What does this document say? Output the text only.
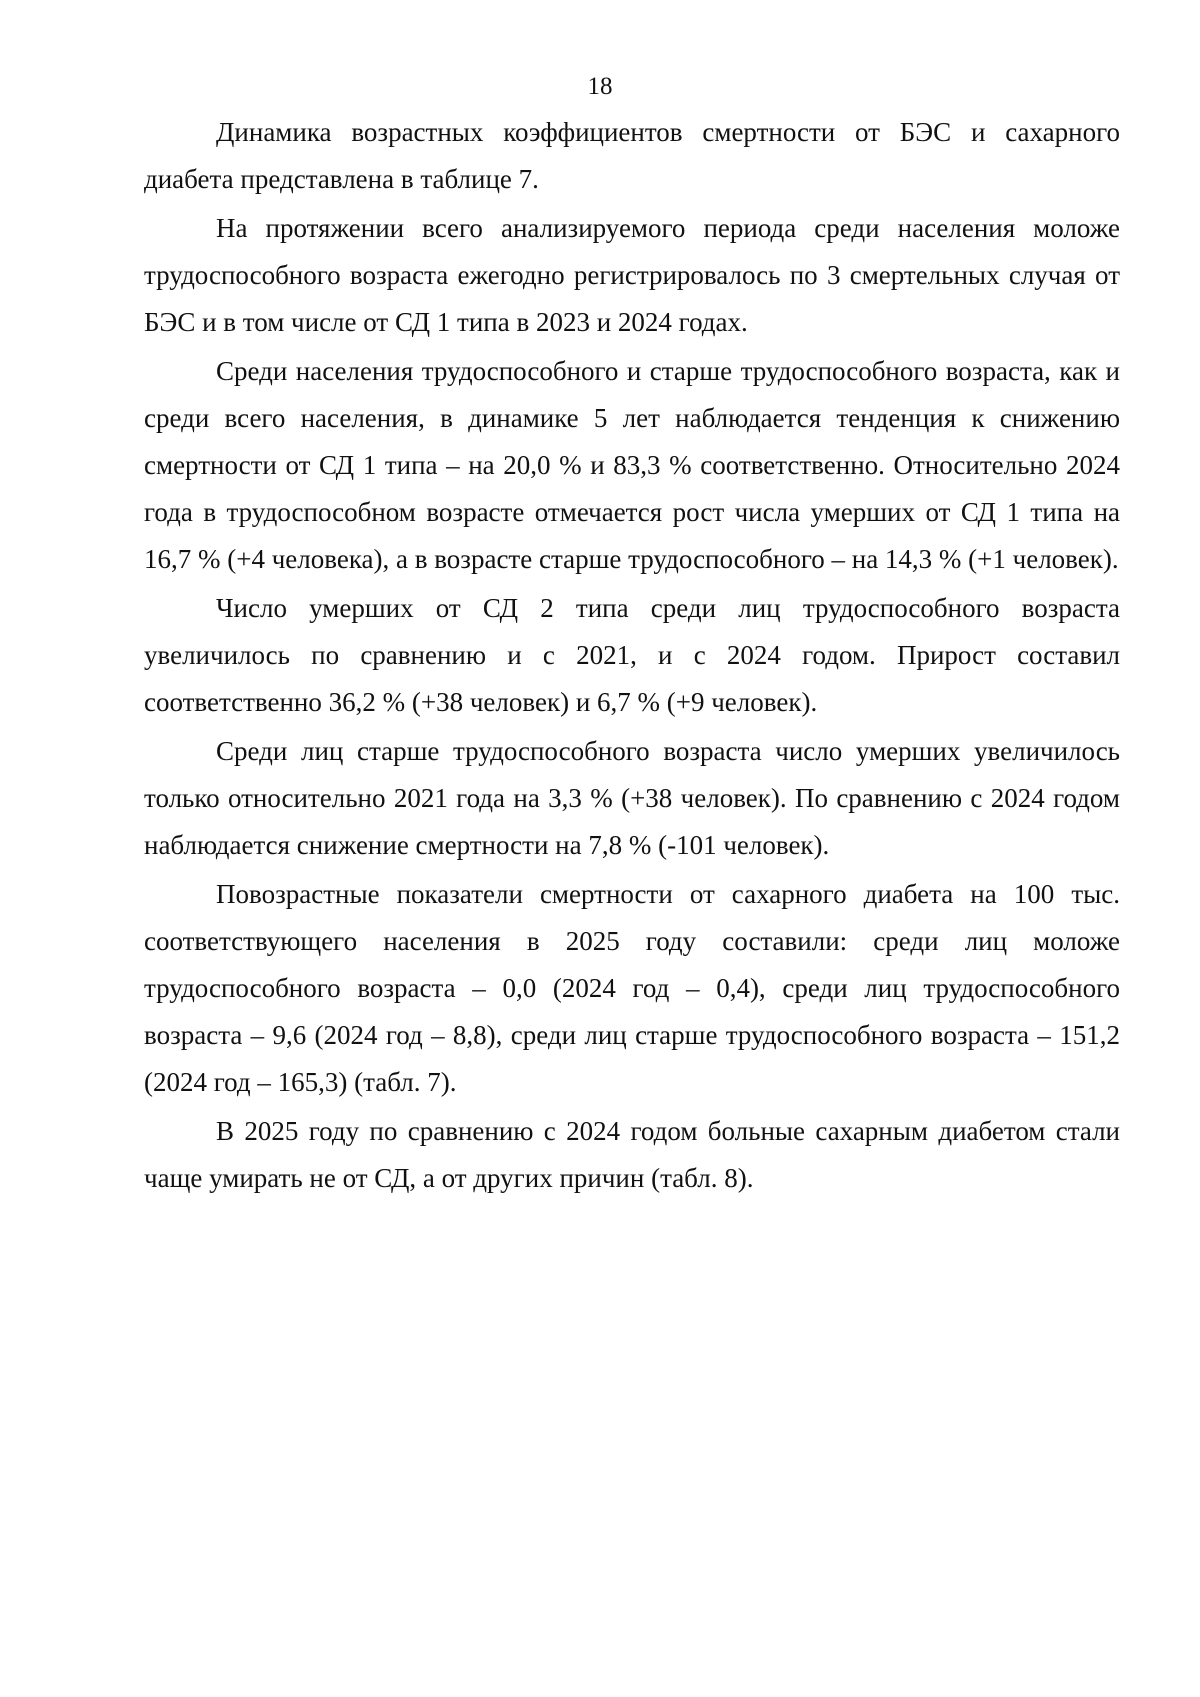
18

Динамика возрастных коэффициентов смертности от БЭС и сахарного диабета представлена в таблице 7.

На протяжении всего анализируемого периода среди населения моложе трудоспособного возраста ежегодно регистрировалось по 3 смертельных случая от БЭС и в том числе от СД 1 типа в 2023 и 2024 годах.

Среди населения трудоспособного и старше трудоспособного возраста, как и среди всего населения, в динамике 5 лет наблюдается тенденция к снижению смертности от СД 1 типа – на 20,0 % и 83,3 % соответственно. Относительно 2024 года в трудоспособном возрасте отмечается рост числа умерших от СД 1 типа на 16,7 % (+4 человека), а в возрасте старше трудоспособного – на 14,3 % (+1 человек).

Число умерших от СД 2 типа среди лиц трудоспособного возраста увеличилось по сравнению и с 2021, и с 2024 годом. Прирост составил соответственно 36,2 % (+38 человек) и 6,7 % (+9 человек).

Среди лиц старше трудоспособного возраста число умерших увеличилось только относительно 2021 года на 3,3 % (+38 человек). По сравнению с 2024 годом наблюдается снижение смертности на 7,8 % (-101 человек).

Повозрастные показатели смертности от сахарного диабета на 100 тыс. соответствующего населения в 2025 году составили: среди лиц моложе трудоспособного возраста – 0,0 (2024 год – 0,4), среди лиц трудоспособного возраста – 9,6 (2024 год – 8,8), среди лиц старше трудоспособного возраста – 151,2 (2024 год – 165,3) (табл. 7).

В 2025 году по сравнению с 2024 годом больные сахарным диабетом стали чаще умирать не от СД, а от других причин (табл. 8).
